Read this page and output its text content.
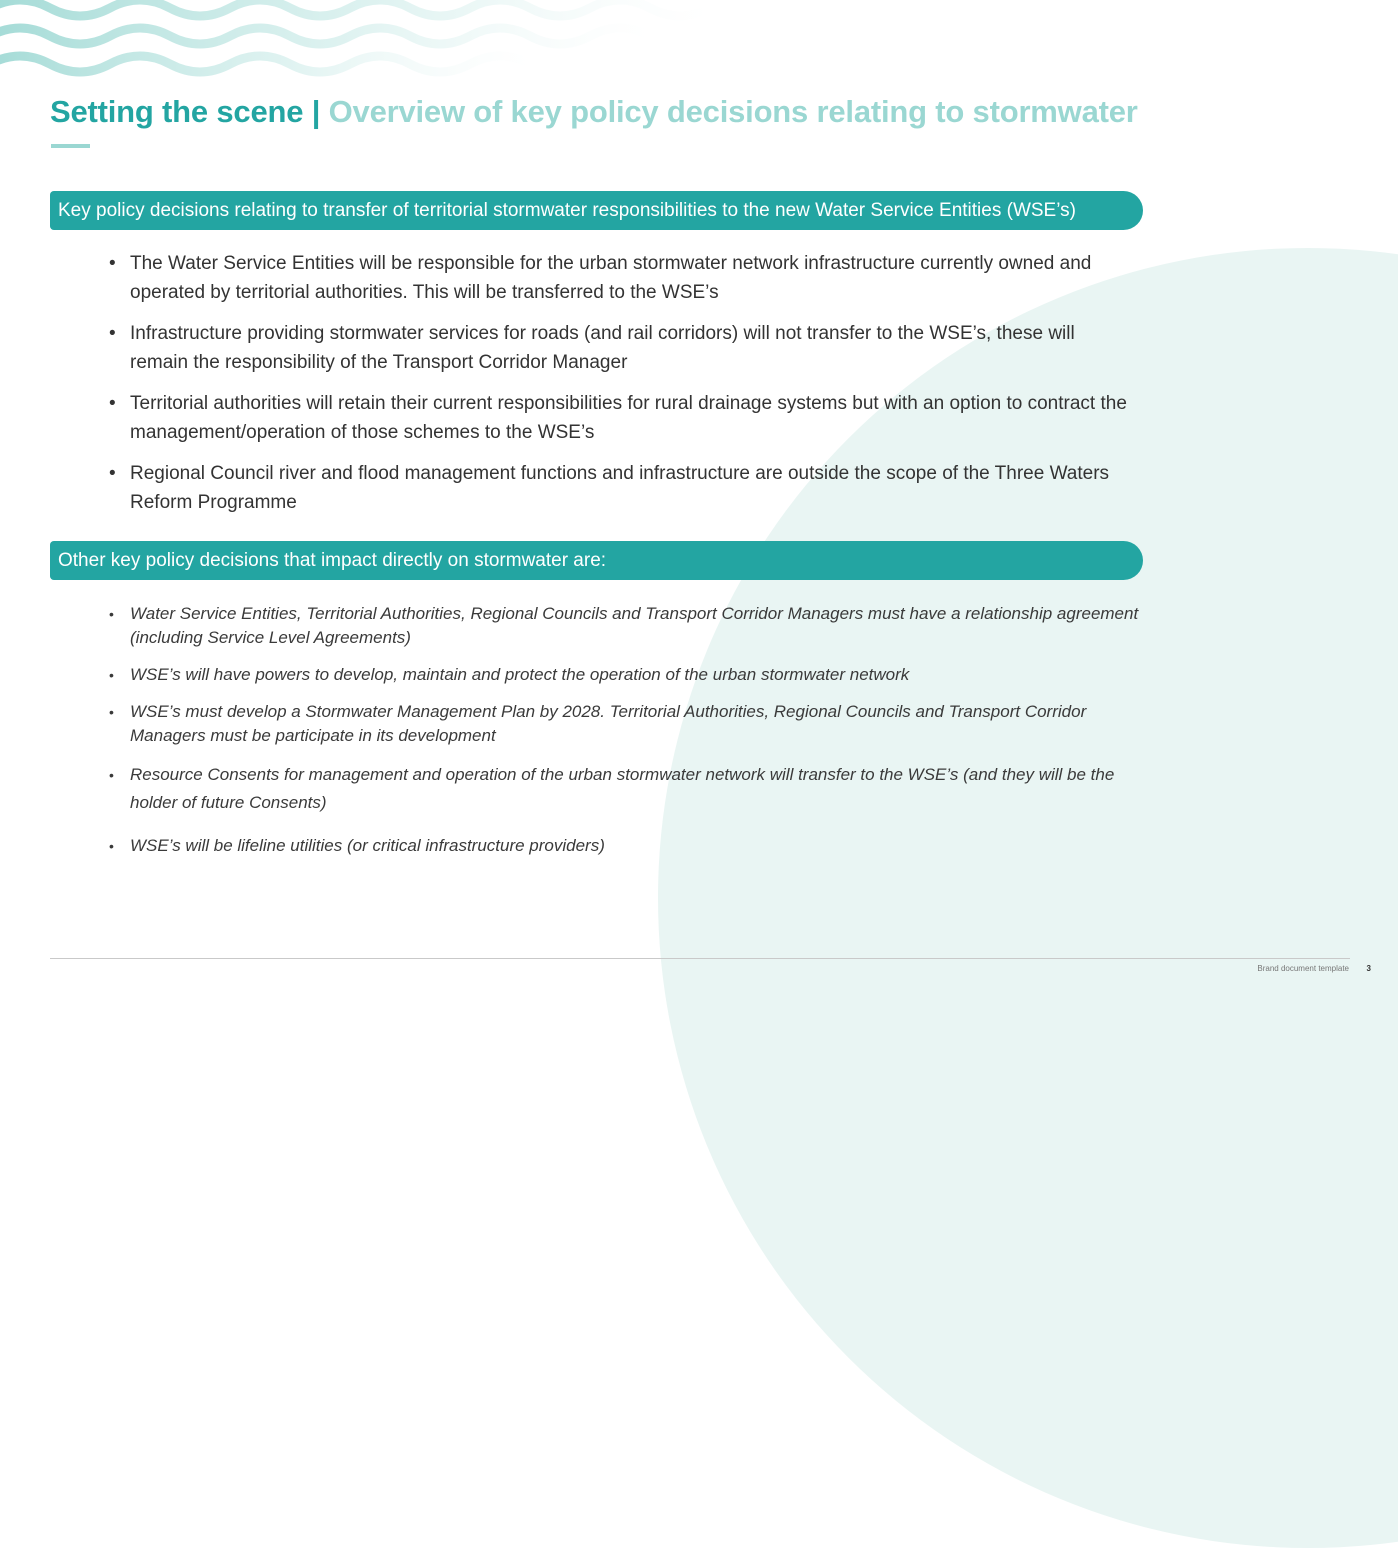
Setting the scene | Overview of key policy decisions relating to stormwater
Key policy decisions relating to transfer of territorial stormwater responsibilities to the new Water Service Entities (WSE’s)
• The Water Service Entities will be responsible for the urban stormwater network infrastructure currently owned and operated by territorial authorities. This will be transferred to the WSE’s
• Infrastructure providing stormwater services for roads (and rail corridors) will not transfer to the WSE’s, these will remain the responsibility of the Transport Corridor Manager
• Territorial authorities will retain their current responsibilities for rural drainage systems but with an option to contract the management/operation of those schemes to the WSE’s
• Regional Council river and flood management functions and infrastructure are outside the scope of the Three Waters Reform Programme
Other key policy decisions that impact directly on stormwater are:
• Water Service Entities, Territorial Authorities, Regional Councils and Transport Corridor Managers must have a relationship agreement (including Service Level Agreements)
• WSE’s will have powers to develop, maintain and protect the operation of the urban stormwater network
• WSE’s must develop a Stormwater Management Plan by 2028. Territorial Authorities, Regional Councils and Transport Corridor Managers must be participate in its development
• Resource Consents for management and operation of the urban stormwater network will transfer to the WSE’s (and they will be the holder of future Consents)
• WSE’s will be lifeline utilities (or critical infrastructure providers)
Brand document template 3
